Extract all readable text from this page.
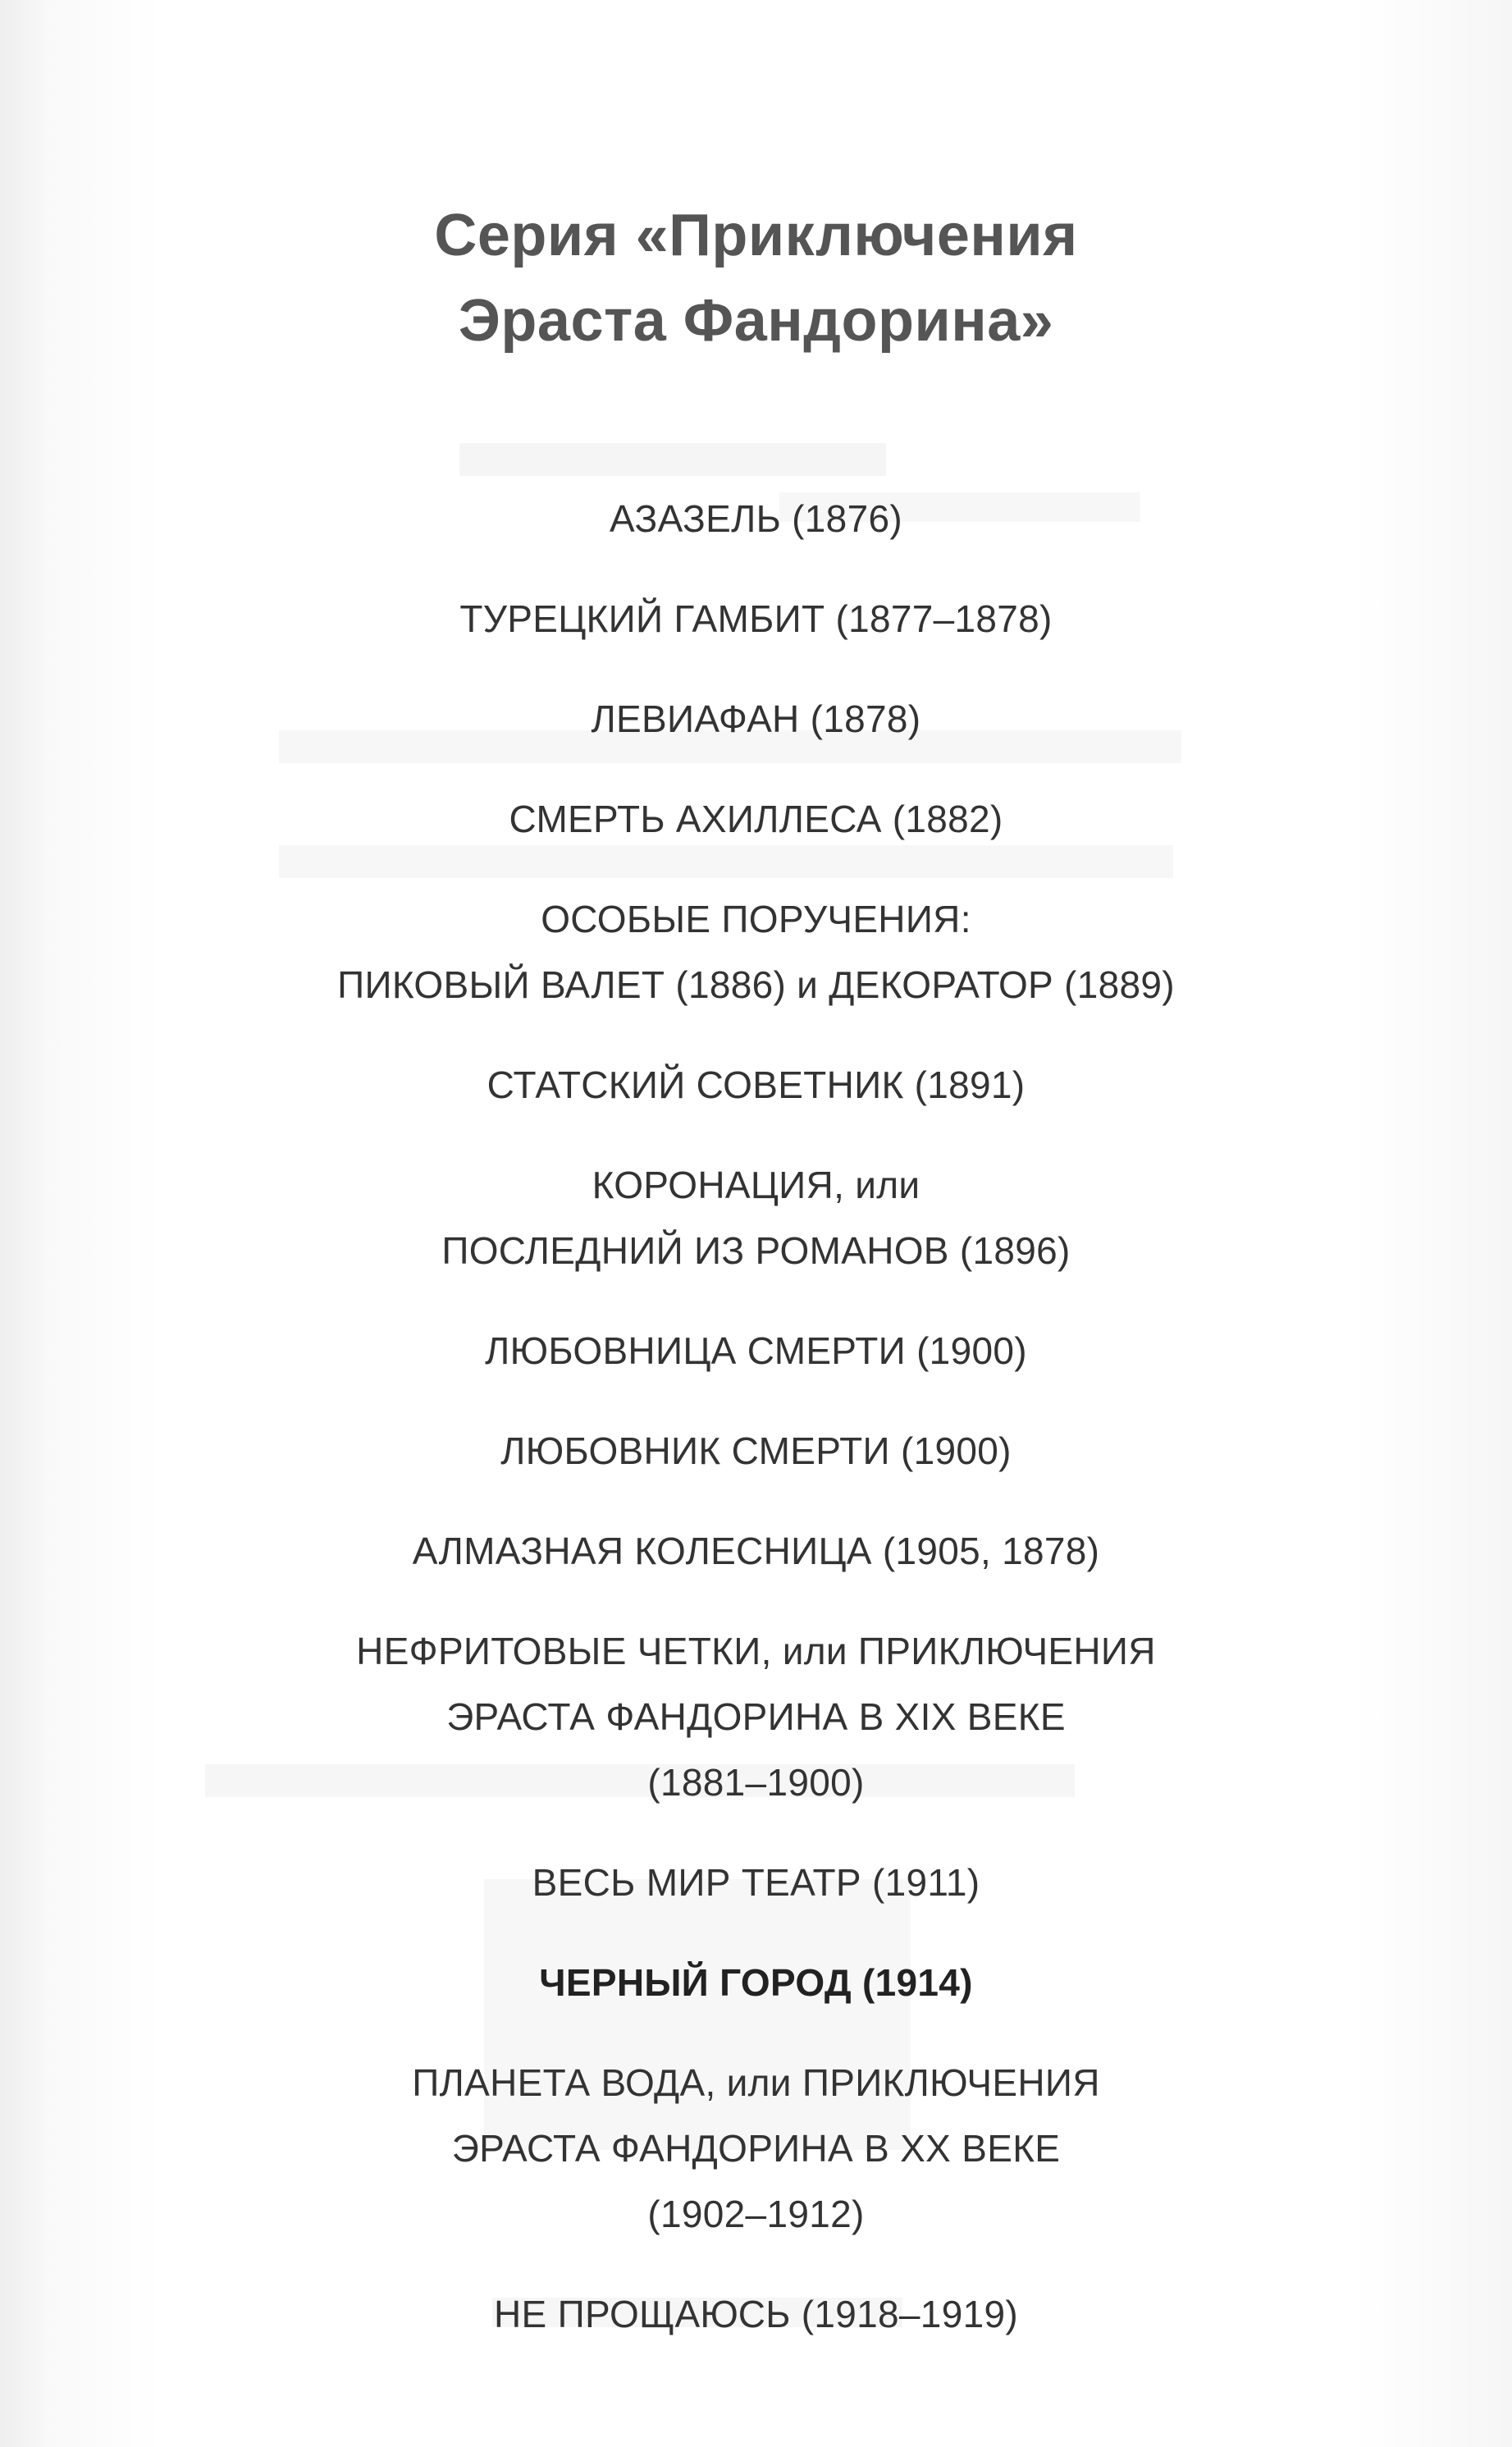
Серия «Приключения
Эраста Фандорина»
АЗАЗЕЛЬ (1876)
ТУРЕЦКИЙ ГАМБИТ (1877–1878)
ЛЕВИАФАН (1878)
СМЕРТЬ АХИЛЛЕСА (1882)
ОСОБЫЕ ПОРУЧЕНИЯ:
ПИКОВЫЙ ВАЛЕТ (1886) и ДЕКОРАТОР (1889)
СТАТСКИЙ СОВЕТНИК (1891)
КОРОНАЦИЯ, или
ПОСЛЕДНИЙ ИЗ РОМАНОВ (1896)
ЛЮБОВНИЦА СМЕРТИ (1900)
ЛЮБОВНИК СМЕРТИ (1900)
АЛМАЗНАЯ КОЛЕСНИЦА (1905, 1878)
НЕФРИТОВЫЕ ЧЕТКИ, или ПРИКЛЮЧЕНИЯ
ЭРАСТА ФАНДОРИНА В XIX ВЕКЕ
(1881–1900)
ВЕСЬ МИР ТЕАТР (1911)
ЧЕРНЫЙ ГОРОД (1914)
ПЛАНЕТА ВОДА, или ПРИКЛЮЧЕНИЯ
ЭРАСТА ФАНДОРИНА В XX ВЕКЕ
(1902–1912)
НЕ ПРОЩАЮСЬ (1918–1919)
